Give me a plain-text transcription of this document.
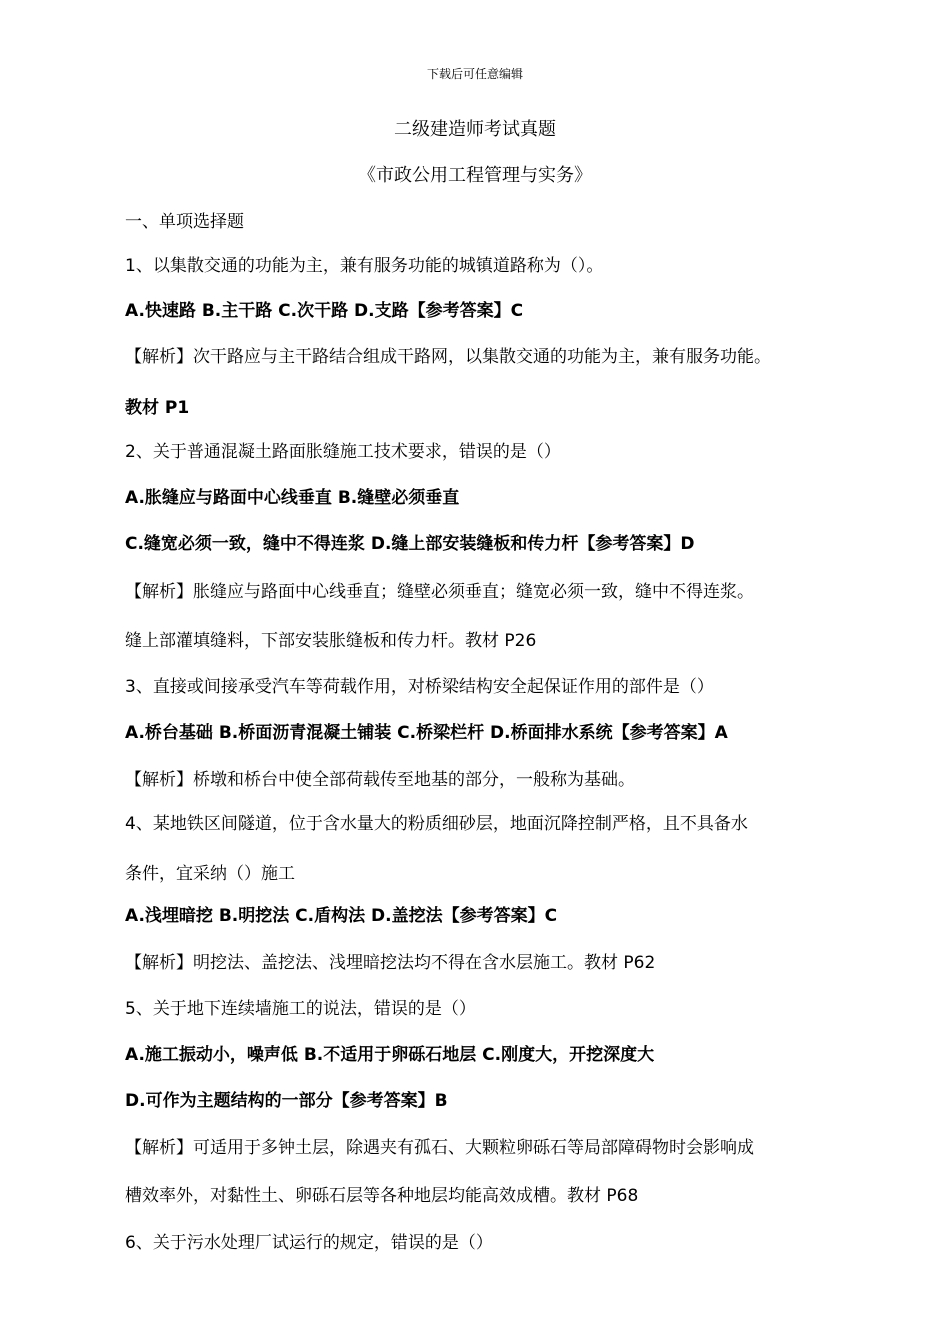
下载后可任意编辑
二级建造师考试真题
《市政公用工程管理与实务》
一、单项选择题
1、以集散交通的功能为主，兼有服务功能的城镇道路称为（）。
A.快速路 B.主干路 C.次干路 D.支路【参考答案】C
【解析】次干路应与主干路结合组成干路网，以集散交通的功能为主，兼有服务功能。
教材 P1
2、关于普通混凝土路面胀缝施工技术要求，错误的是（）
A.胀缝应与路面中心线垂直 B.缝壁必须垂直
C.缝宽必须一致，缝中不得连浆 D.缝上部安装缝板和传力杆【参考答案】D
【解析】胀缝应与路面中心线垂直；缝壁必须垂直；缝宽必须一致，缝中不得连浆。
缝上部灌填缝料，下部安装胀缝板和传力杆。教材 P26
3、直接或间接承受汽车等荷载作用，对桥梁结构安全起保证作用的部件是（）
A.桥台基础 B.桥面沥青混凝土铺装 C.桥梁栏杆 D.桥面排水系统【参考答案】A
【解析】桥墩和桥台中使全部荷载传至地基的部分，一般称为基础。
4、某地铁区间隧道，位于含水量大的粉质细砂层，地面沉降控制严格，且不具备水
条件，宜采纳（）施工
A.浅埋暗挖 B.明挖法 C.盾构法 D.盖挖法【参考答案】C
【解析】明挖法、盖挖法、浅埋暗挖法均不得在含水层施工。教材 P62
5、关于地下连续墙施工的说法，错误的是（）
A.施工振动小，噪声低 B.不适用于卵砾石地层 C.刚度大，开挖深度大
D.可作为主题结构的一部分【参考答案】B
【解析】可适用于多钟土层，除遇夹有孤石、大颗粒卵砾石等局部障碍物时会影响成
槽效率外，对黏性土、卵砾石层等各种地层均能高效成槽。教材 P68
6、关于污水处理厂试运行的规定，错误的是（）
